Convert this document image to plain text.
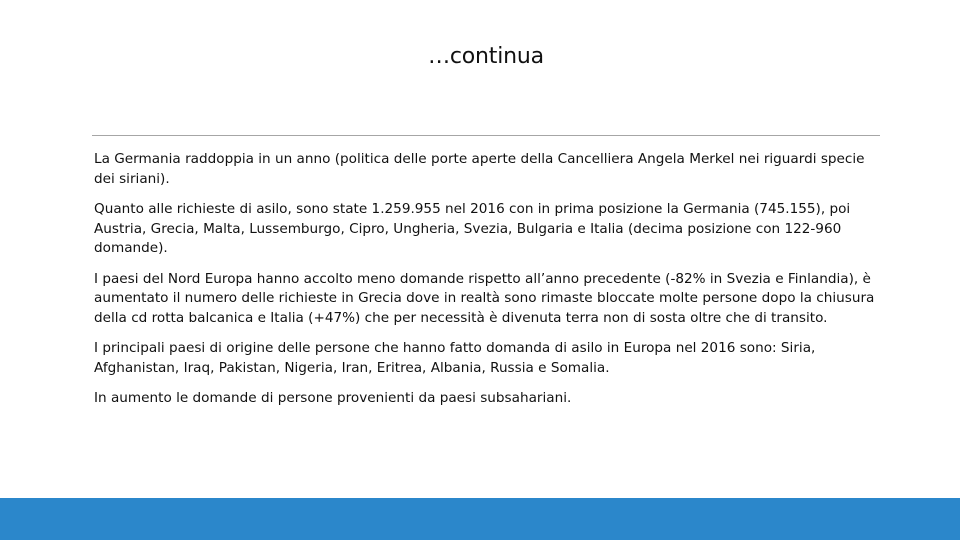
…continua

La Germania raddoppia in un anno (politica delle porte aperte della Cancelliera Angela Merkel nei riguardi specie dei siriani).

Quanto alle richieste di asilo, sono state 1.259.955 nel 2016 con in prima posizione la Germania (745.155), poi Austria, Grecia, Malta, Lussemburgo, Cipro, Ungheria, Svezia, Bulgaria e Italia (decima posizione con 122-960 domande).

I paesi del Nord Europa hanno accolto meno domande rispetto all’anno precedente (-82% in Svezia e Finlandia), è aumentato il numero delle richieste in Grecia dove in realtà sono rimaste bloccate molte persone dopo la chiusura della cd rotta balcanica e Italia (+47%) che per necessità è divenuta terra non di sosta oltre che di transito.

I principali paesi di origine delle persone che hanno fatto domanda di asilo in Europa nel 2016 sono: Siria, Afghanistan, Iraq, Pakistan, Nigeria, Iran, Eritrea, Albania, Russia e Somalia.

In aumento le domande di persone provenienti da paesi subsahariani.
